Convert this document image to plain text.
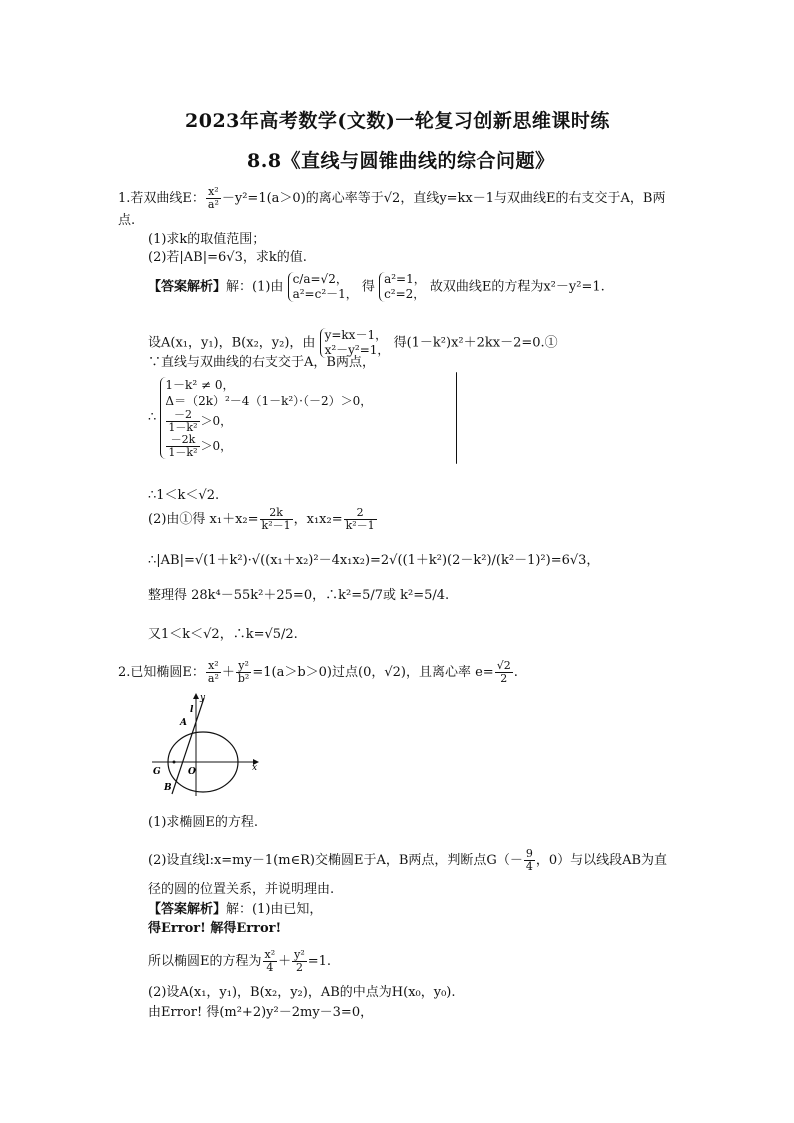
2023年高考数学(文数)一轮复习创新思维课时练
8.8《直线与圆锥曲线的综合问题》
1.若双曲线E： $\frac{\text{x²}}{\text{a²}} -y^2=1(a>0)$的离心率等于√2，直线y=kx－1与双曲线E的右支交于A，B两
点.
(1)求k的取值范围；
(2)若|AB|=6√3，求k的值.
【答案解析】解：(1)由
c/a=√2，
a²=c²－1， 得
a²=1，
c²=2， 故双曲线E的方程为x²－y²=1.
设A(x₁，y₁)，B(x₂，y₂)，由
y=kx－1，
x²－y²=1， 得(1－k²)x²＋2kx－2=0.①
∵直线与双曲线的右支交于A，B两点，
∴
1－k² ≠ 0，
Δ＝（2k）²－4（1－k²）·（－2）＞0，
$\frac{-2}{\text{1－k²}} >0$，
$\frac{-2k}{\text{1－k²}} >0$，

∴1＜k＜√2.
(2)由①得 $x_1+x_2= \frac{2k}{\text{k²－1}}$ ，$x_1x_2= \frac{2}{\text{k²－1}}$
∴|AB|=√(1＋k²)·√((x₁＋x₂)²－4x₁x₂)=2√((1＋k²)(2－k²)/(k²－1)²)=6√3，
整理得 28k⁴－55k²＋25=0，∴k²=5/7或 k²=5/4.
又1＜k＜√2，∴k=√5/2.
2.已知椭圆E： $\frac{\text{x²}}{\text{a²}} + \frac{\text{y²}}{\text{b²}} =1(a>b>0)$过点(0，√2)，且离心率 $e= \frac{√2}{2}$ .
y
l
A
G	O	x
B
(1)求椭圆E的方程.
(2)设直线l:x=my－1(m∈R)交椭圆E于A，B两点，判断点$G(- \frac{9}{4}$ ，0）与以线段AB为直
径的圆的位置关系，并说明理由.
【答案解析】解：(1)由已知，
得Error! 解得Error!
所以椭圆E的方程为 $\frac{\text{x²}}{4} + \frac{\text{y²}}{2} =1$.
(2)设A(x₁，y₁)，B(x₂，y₂)，AB的中点为H(x₀，y₀).
由Error! 得(m²+2)y²－2my－3=0，
